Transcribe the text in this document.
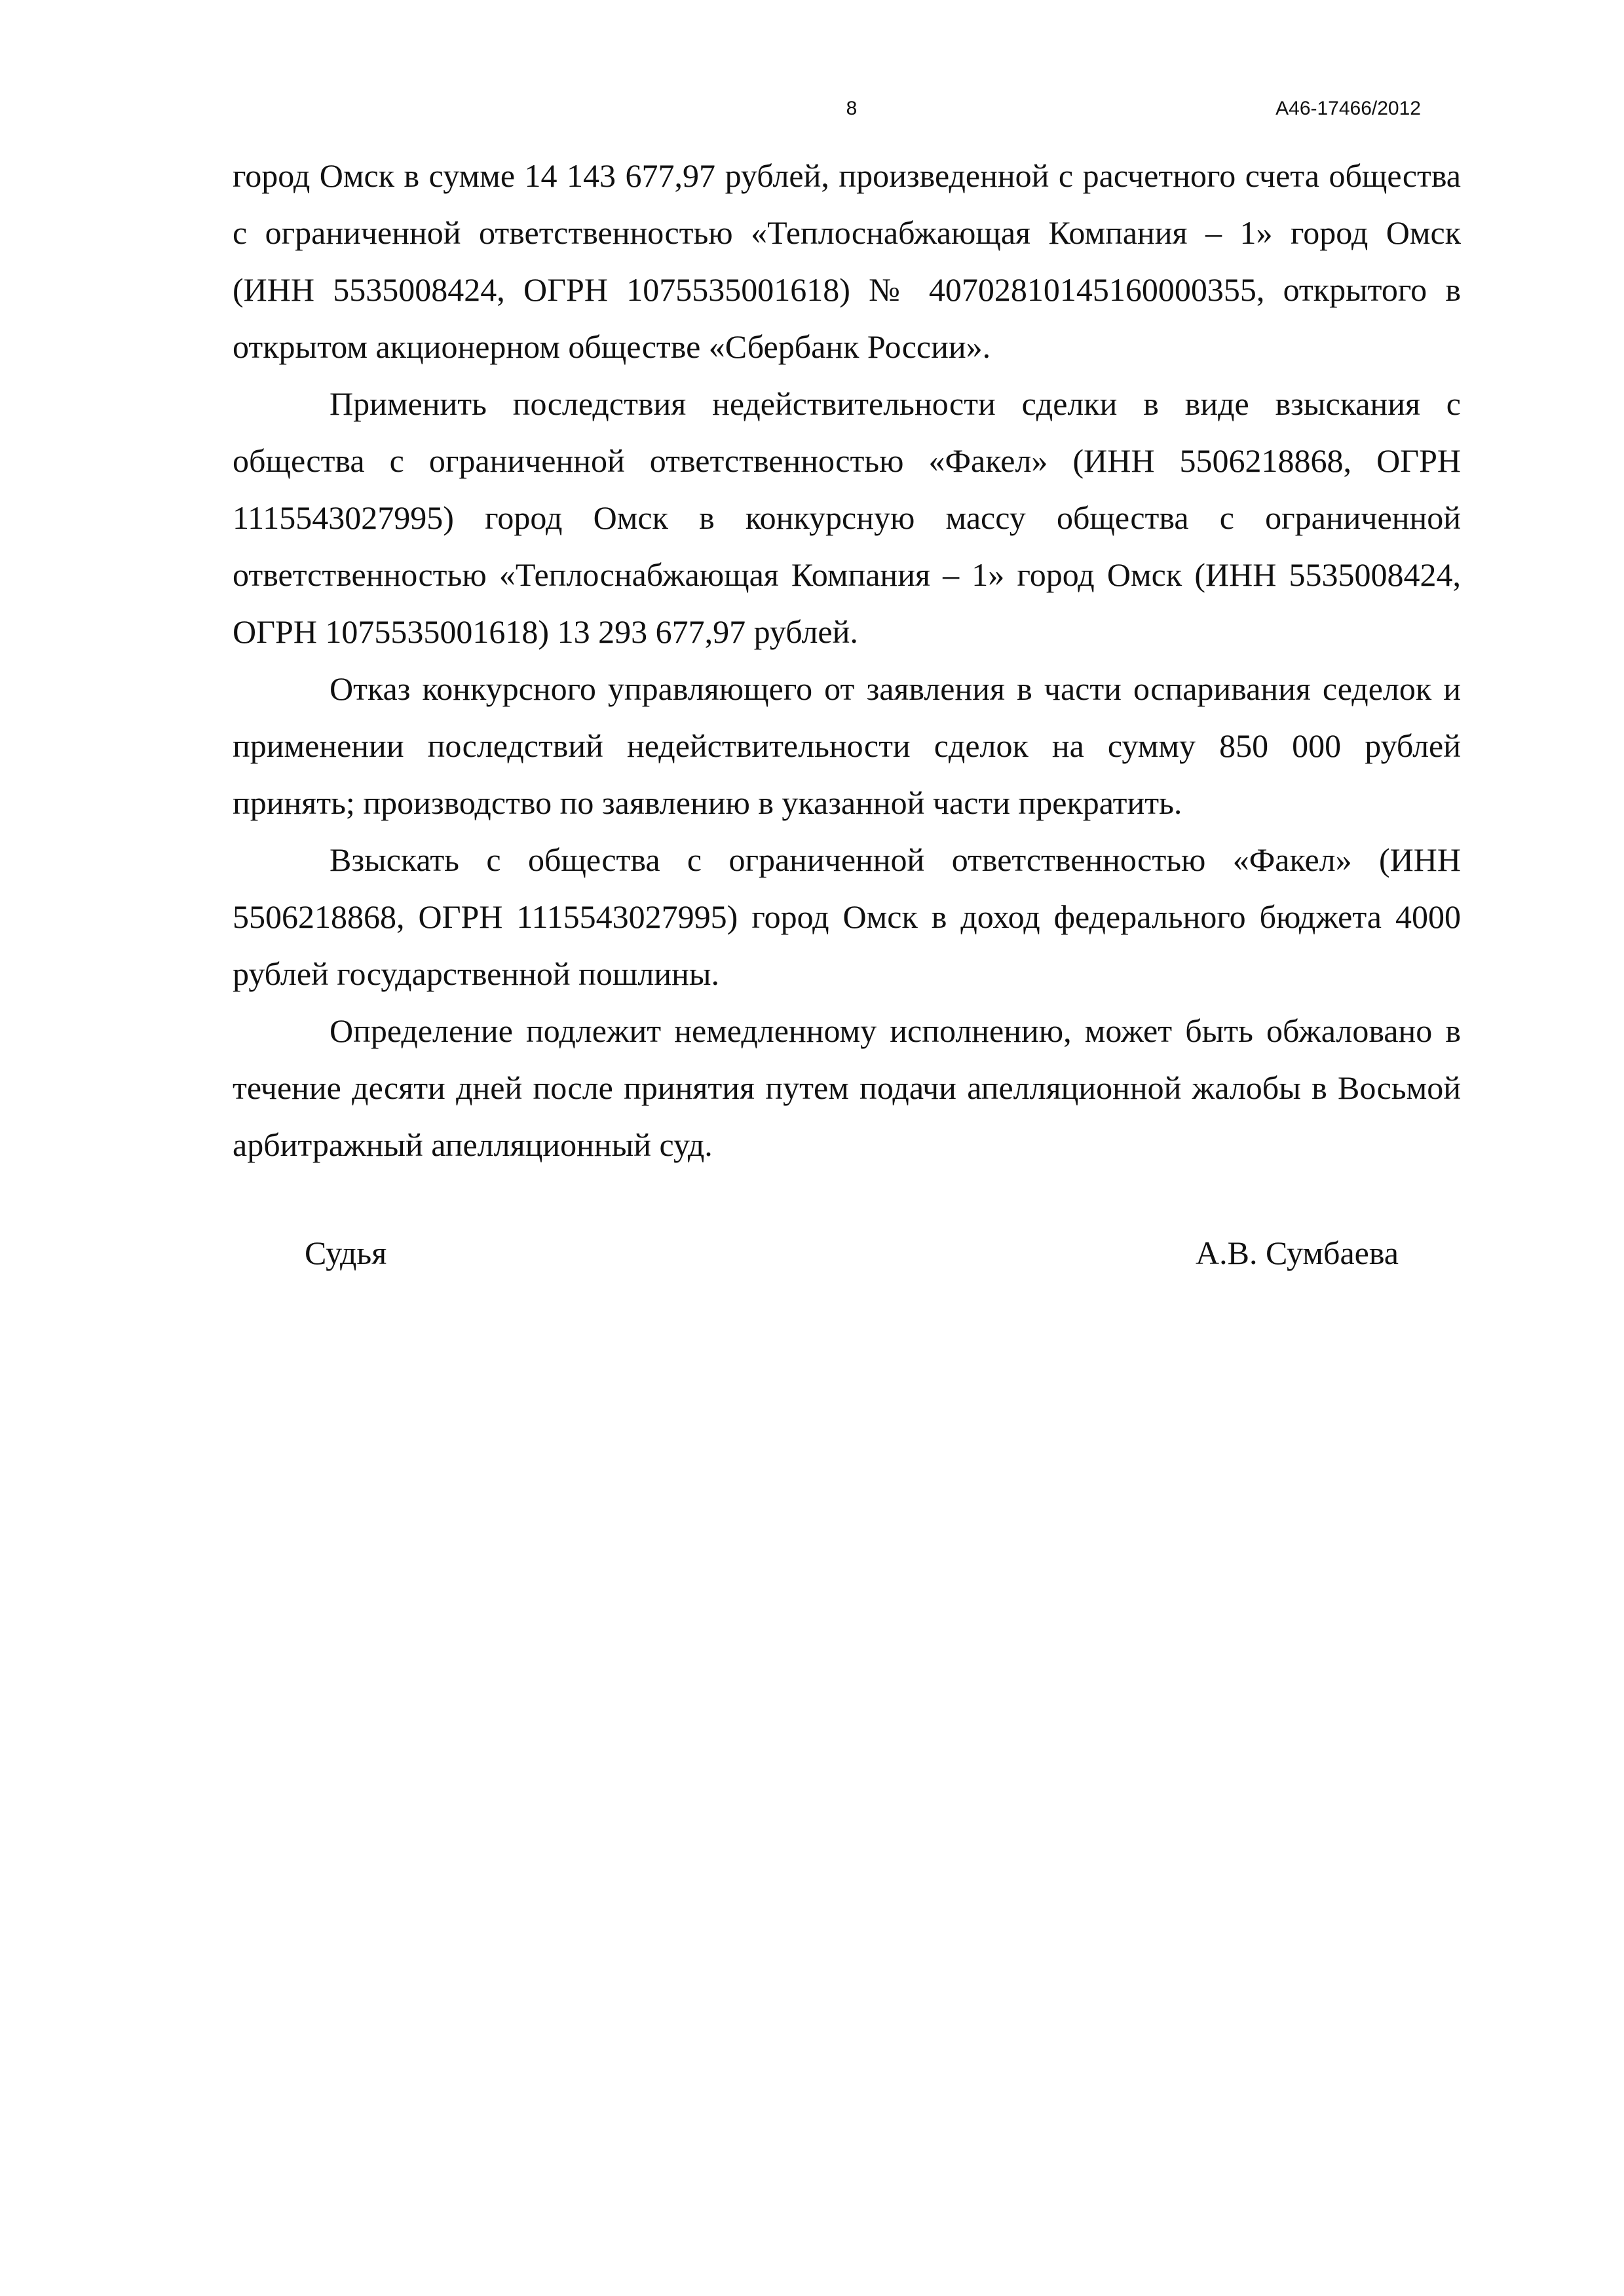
8	А46-17466/2012

город Омск в сумме 14 143 677,97 рублей, произведенной с расчетного счета общества с ограниченной ответственностью «Теплоснабжающая Компания – 1» город Омск (ИНН 5535008424, ОГРН 1075535001618) № 40702810145160000355, открытого в открытом акционерном обществе «Сбербанк России».

Применить последствия недействительности сделки в виде взыскания с общества с ограниченной ответственностью «Факел» (ИНН 5506218868, ОГРН 1115543027995) город Омск в конкурсную массу общества с ограниченной ответственностью «Теплоснабжающая Компания – 1» город Омск (ИНН 5535008424, ОГРН 1075535001618) 13 293 677,97 рублей.

Отказ конкурсного управляющего от заявления в части оспаривания седелок и применении последствий недействительности сделок на сумму 850 000 рублей принять; производство по заявлению в указанной части прекратить.

Взыскать с общества с ограниченной ответственностью «Факел» (ИНН 5506218868, ОГРН 1115543027995) город Омск в доход федерального бюджета 4000 рублей государственной пошлины.

Определение подлежит немедленному исполнению, может быть обжаловано в течение десяти дней после принятия путем подачи апелляционной жалобы в Восьмой арбитражный апелляционный суд.

Судья	А.В. Сумбаева
